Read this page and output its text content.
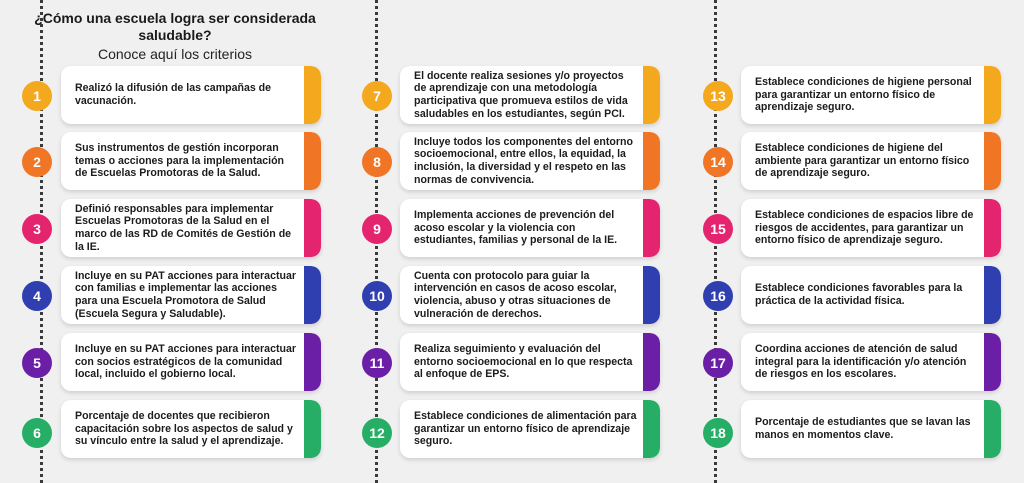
¿Cómo una escuela logra ser considerada saludable?
Conoce aquí los criterios
Realizó la difusión de las campañas de vacunación.
1
Sus instrumentos de gestión incorporan temas o acciones para la implementación de Escuelas Promotoras de la Salud.
2
Definió responsables para implementar Escuelas Promotoras de la Salud en el marco de las RD de Comités de Gestión de la IE.
3
Incluye en su PAT acciones para interactuar con familias e implementar las acciones para una Escuela Promotora de Salud (Escuela Segura y Saludable).
4
Incluye en su PAT acciones para interactuar con socios estratégicos de la comunidad local, incluido el gobierno local.
5
Porcentaje de docentes que recibieron capacitación sobre los aspectos de salud y su vínculo entre la salud y el aprendizaje.
6
El docente realiza sesiones y/o proyectos de aprendizaje con una metodología participativa que promueva estilos de vida saludables en los estudiantes, según PCI.
7
Incluye todos los componentes del entorno socioemocional, entre ellos, la equidad, la inclusión, la diversidad y el respeto en las normas de convivencia.
8
Implementa acciones de prevención del acoso escolar y la violencia con estudiantes, familias y personal de la IE.
9
Cuenta con protocolo para guiar la intervención en casos de acoso escolar, violencia, abuso y otras situaciones de vulneración de derechos.
10
Realiza seguimiento y evaluación del entorno socioemocional en lo que respecta al enfoque de EPS.
11
Establece condiciones de alimentación para garantizar un entorno físico de aprendizaje seguro.
12
Establece condiciones de higiene personal para garantizar un entorno físico de aprendizaje seguro.
13
Establece condiciones de higiene del ambiente para garantizar un entorno físico de aprendizaje seguro.
14
Establece condiciones de espacios libre de riesgos de accidentes, para garantizar un entorno físico de aprendizaje seguro.
15
Establece condiciones favorables para la práctica de la actividad física.
16
Coordina acciones de atención de salud integral para la identificación y/o atención de riesgos en los escolares.
17
Porcentaje de estudiantes que se lavan las manos en momentos clave.
18
